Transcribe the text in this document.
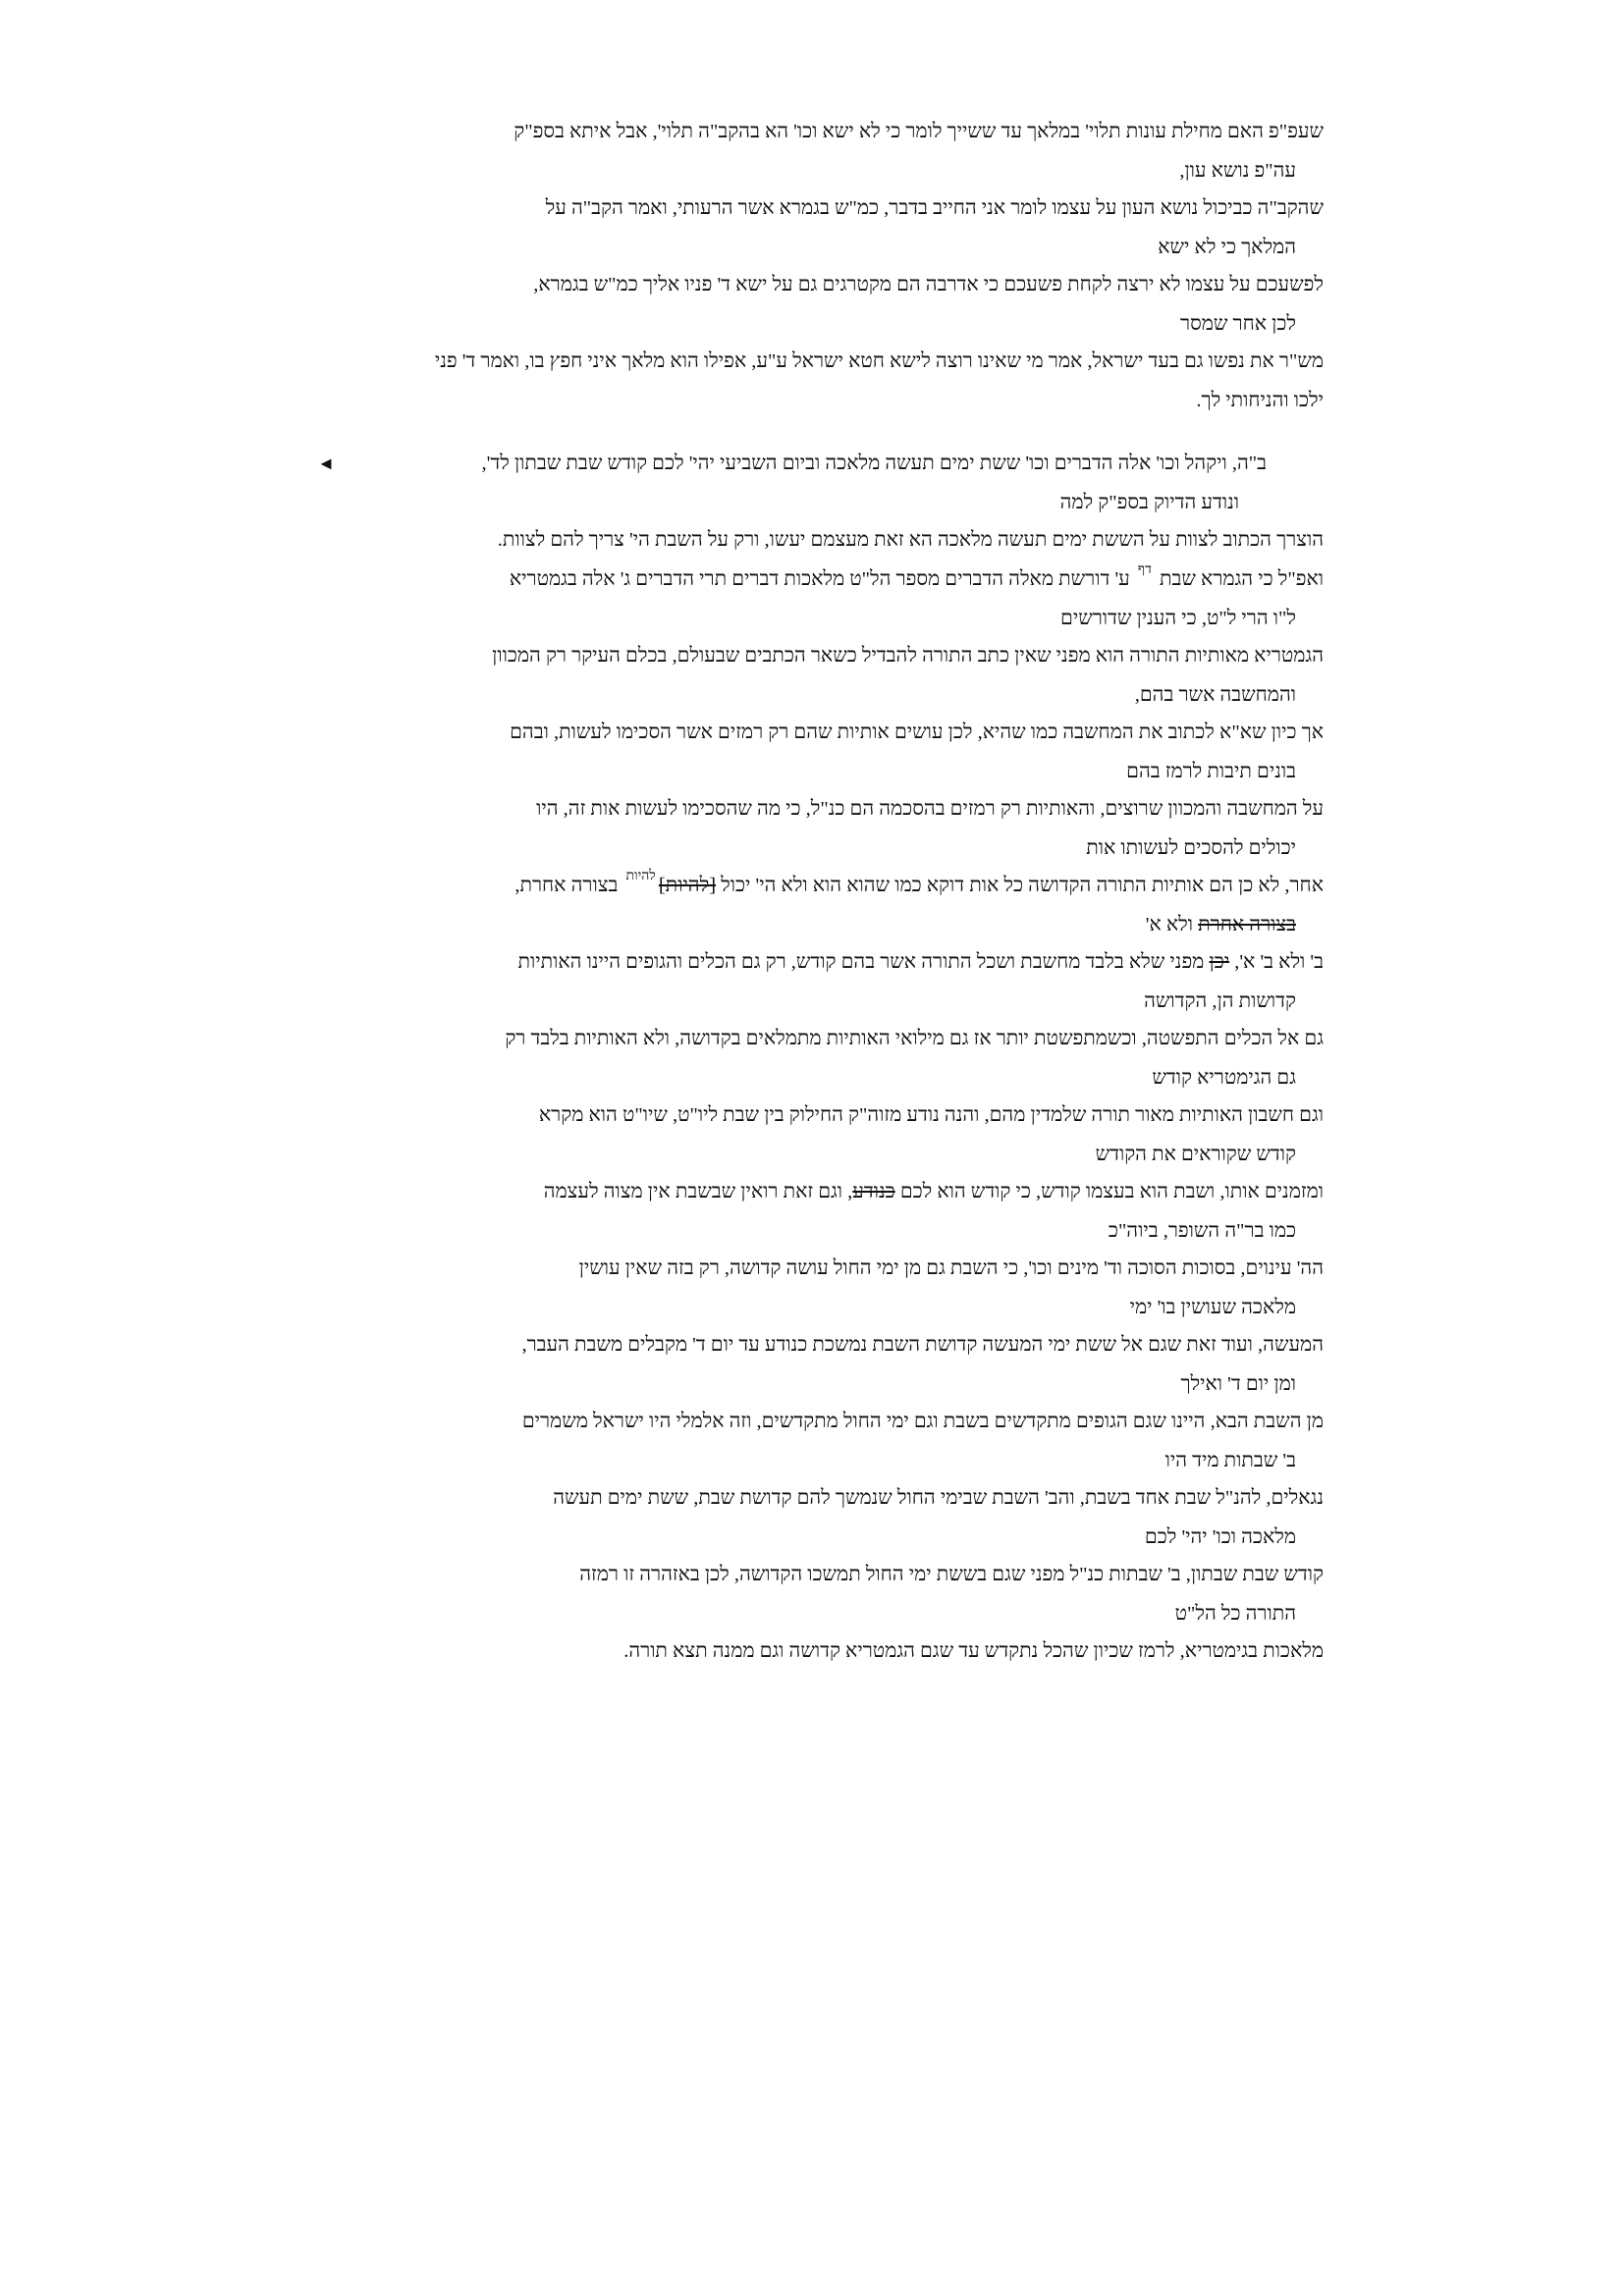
שעפ"פ האם מחילת עונות תלוי' במלאך עד ששייך לומר כי לא ישא וכו' הא בהקב"ה תלוי', אבל איתא בספ"ק
עה"פ נושא עון,
שהקב"ה כביכול נושא העון על עצמו לומר אני החייב בדבר, כמ"ש בגמרא אשר הרעותי, ואמר הקב"ה על
המלאך כי לא ישא
לפשעכם על עצמו לא ירצה לקחת פשעכם כי אדרבה הם מקטרגים גם על ישא ד' פניו אליך כמ"ש בגמרא,
לכן אחר שמסר
מש"ר את נפשו גם בעד ישראל, אמר מי שאינו רוצה לישא חטא ישראל ע"ע, אפילו הוא מלאך איני חפץ בו, ואמר ד' פני
ילכו והניחותי לך.
◄	ב"ה, ויקהל וכו' אלה הדברים וכו' ששת ימים תעשה מלאכה וביום השביעי יהי' לכם קודש שבת שבתון לד',
ונודע הדיוק בספ"ק למה
הוצרך הכתוב לצוות על הששת ימים תעשה מלאכה הא זאת מעצמם יעשו, ורק על השבת הי' צריך להם לצוות.
ואפ"ל כי הגמרא שבת $^{דף}$ ע' דורשת מאלה הדברים מספר הל"ט מלאכות דברים תרי הדברים ג' אלה בגמטריא
ל"ו הרי ל"ט, כי הענין שדורשים
הגמטריא מאותיות התורה הוא מפני שאין כתב התורה להבדיל כשאר הכתבים שבעולם, בכלם העיקר רק המכוון
והמחשבה אשר בהם,
אך כיון שא"א לכתוב את המחשבה כמו שהיא, לכן עושים אותיות שהם רק רמזים אשר הסכימו לעשות, ובהם
בונים תיבות לרמז בהם
על המחשבה והמכוון שרוצים, והאותיות רק רמזים בהסכמה הם כנ"ל, כי מה שהסכימו לעשות אות זה, היו
יכולים להסכים לעשותו אות
אחר, לא כן הם אותיות התורה הקדושה כל אות דוקא כמו שהוא הוא ולא הי' יכול [להיות]$^{להיות}$ בצורה אחרת,
בצורה אחרת ולא א'
ב' ולא ב' א', יכן מפני שלא בלבד מחשבת ושכל התורה אשר בהם קודש, רק גם הכלים והגופים היינו האותיות
קדושות הן, הקדושה
גם אל הכלים התפשטה, וכשמתפשטת יותר אז גם מילואי האותיות מתמלאים בקדושה, ולא האותיות בלבד רק
גם הגימטריא קודש
וגם חשבון האותיות מאור תורה שלמדין מהם, והנה נודע מזוה"ק החילוק בין שבת ליו"ט, שיו"ט הוא מקרא
קודש שקוראים את הקודש
ומזמנים אותו, ושבת הוא בעצמו קודש, כי קודש הוא לכם כנודע, וגם זאת רואין שבשבת אין מצוה לעצמה
כמו בר"ה השופר, ביוה"כ
הה' עינוים, בסוכות הסוכה וד' מינים וכו', כי השבת גם מן ימי החול עושה קדושה, רק בזה שאין עושין
מלאכה שעושין בו' ימי
המעשה, ועוד זאת שגם אל ששת ימי המעשה קדושת השבת נמשכת כנודע עד יום ד' מקבלים משבת העבר,
ומן יום ד' ואילך
מן השבת הבא, היינו שגם הגופים מתקדשים בשבת וגם ימי החול מתקדשים, וזה אלמלי היו ישראל משמרים
ב' שבתות מיד היו
נגאלים, להנ"ל שבת אחד בשבת, והב' השבת שבימי החול שנמשך להם קדושת שבת, ששת ימים תעשה
מלאכה וכו' יהי' לכם
קודש שבת שבתון, ב' שבתות כנ"ל מפני שגם בששת ימי החול תמשכו הקדושה, לכן באזהרה זו רמזה
התורה כל הל"ט
מלאכות בגימטריא, לרמז שכיון שהכל נתקדש עד שגם הגמטריא קדושה וגם ממנה תצא תורה.
